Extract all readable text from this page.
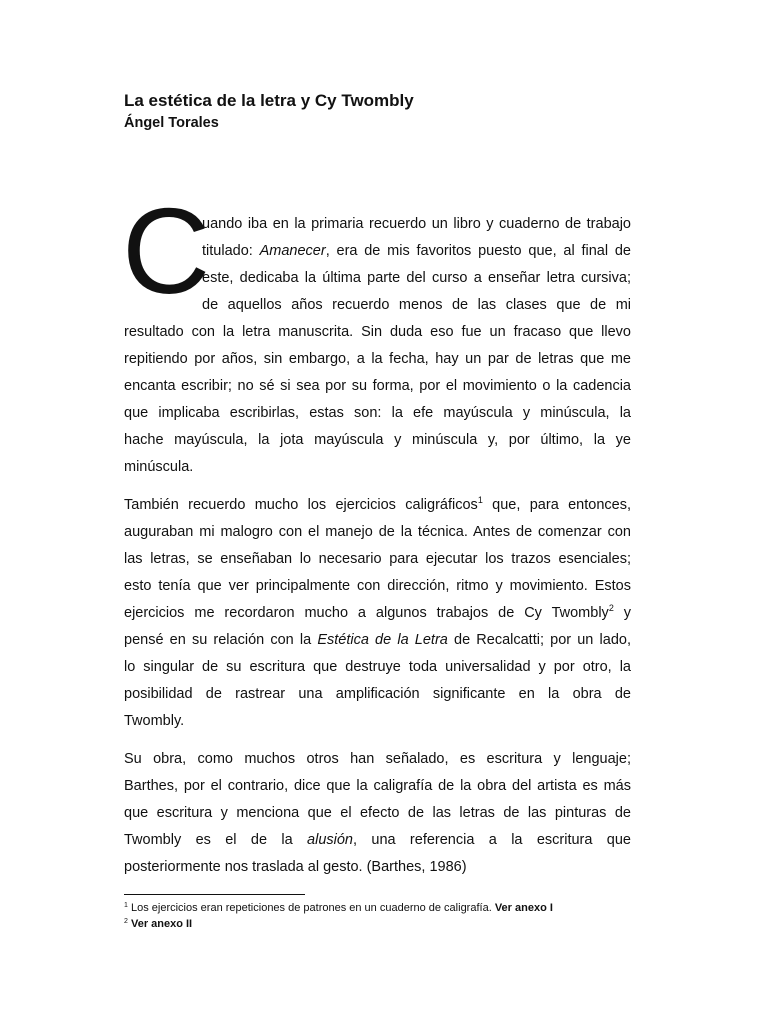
La estética de la letra y Cy Twombly
Ángel Torales
C
uando iba en la primaria recuerdo un libro y cuaderno de trabajo
titulado: Amanecer, era de mis favoritos puesto que, al final de
este, dedicaba la última parte del curso a enseñar letra cursiva;
de aquellos años recuerdo menos de las clases que de mi
resultado con la letra manuscrita. Sin duda eso fue un fracaso que llevo
repitiendo por años, sin embargo, a la fecha, hay un par de letras que me
encanta escribir; no sé si sea por su forma, por el movimiento o la cadencia
que implicaba escribirlas, estas son: la efe mayúscula y minúscula, la
hache mayúscula, la jota mayúscula y minúscula y, por último, la ye
minúscula.
También recuerdo mucho los ejercicios caligráficos$^1$ que, para entonces,
auguraban mi malogro con el manejo de la técnica. Antes de comenzar con
las letras, se enseñaban lo necesario para ejecutar los trazos esenciales;
esto tenía que ver principalmente con dirección, ritmo y movimiento. Estos
ejercicios me recordaron mucho a algunos trabajos de Cy Twombly$^2$ y
pensé en su relación con la Estética de la Letra de Recalcatti; por un lado,
lo singular de su escritura que destruye toda universalidad y por otro, la
posibilidad de rastrear una amplificación significante en la obra de
Twombly.
Su obra, como muchos otros han señalado, es escritura y lenguaje;
Barthes, por el contrario, dice que la caligrafía de la obra del artista es más
que escritura y menciona que el efecto de las letras de las pinturas de
Twombly es el de la alusión, una referencia a la escritura que
posteriormente nos traslada al gesto. (Barthes, 1986)
$^1$ Los ejercicios eran repeticiones de patrones en un cuaderno de caligrafía. Ver anexo I
$^2$ Ver anexo II
